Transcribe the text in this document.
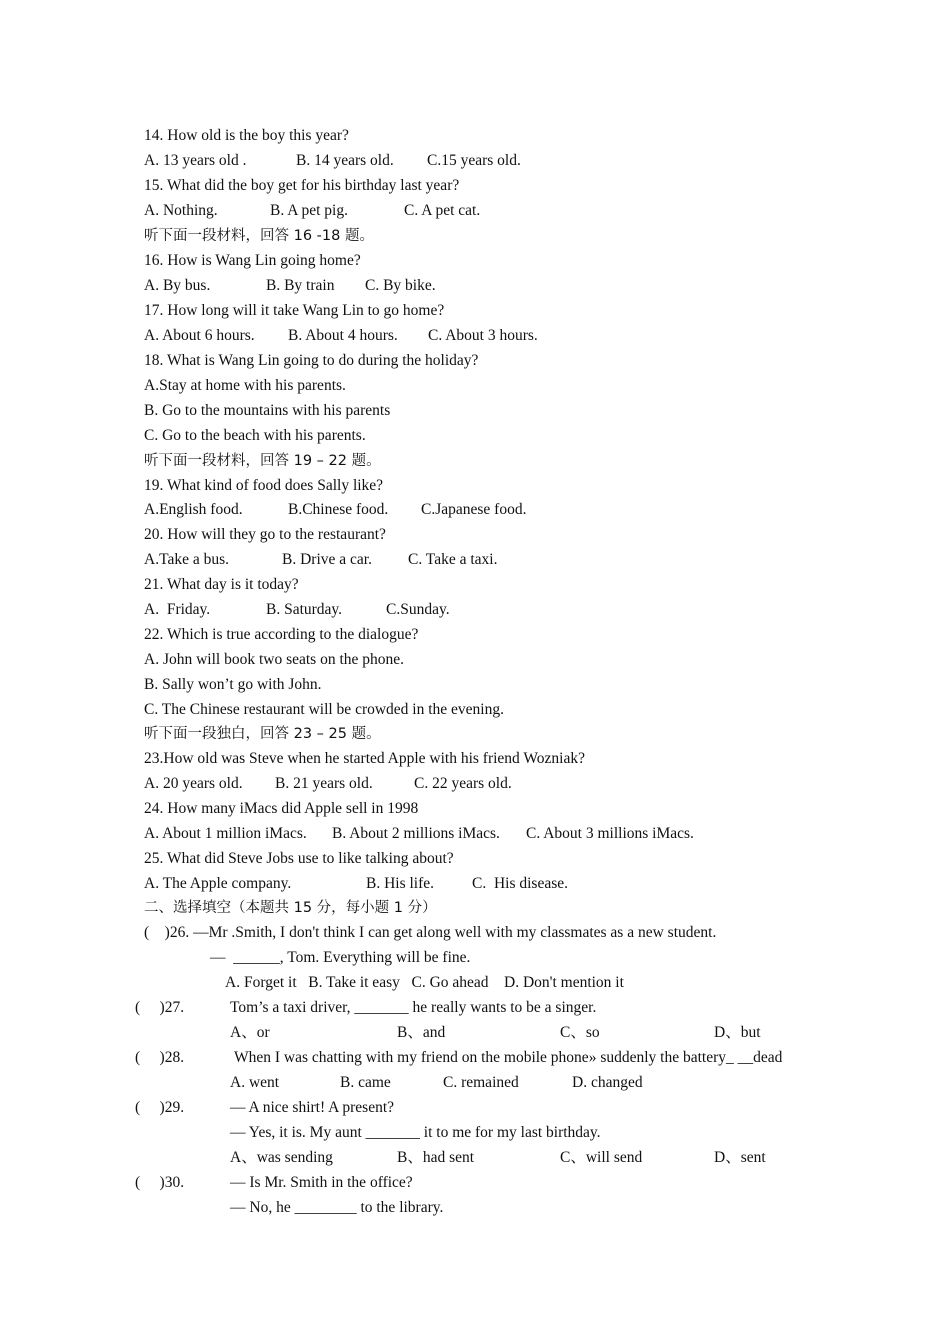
14. How old is the boy this year?
A. 13 years old .	B. 14 years old. C.15 years old.
15. What did the boy get for his birthday last year?
A. Nothing.	B. A pet pig.	C. A pet cat.
听下面一段材料，回答 16 -18 题。
16. How is Wang Lin going home?
A. By bus.	B. By train C. By bike.
17. How long will it take Wang Lin to go home?
A. About 6 hours. B. About 4 hours. C. About 3 hours.
18. What is Wang Lin going to do during the holiday?
A.Stay at home with his parents.
B. Go to the mountains with his parents
C. Go to the beach with his parents.
听下面一段材料，回答 19 – 22 题。
19. What kind of food does Sally like?
A.English food.	B.Chinese food. C.Japanese food.
20. How will they go to the restaurant?
A.Take a bus.	B. Drive a car. C. Take a taxi.
21. What day is it today?
A.  Friday.	B. Saturday.	C.Sunday.
22. Which is true according to the dialogue?
A. John will book two seats on the phone.
B. Sally won’t go with John.
C. The Chinese restaurant will be crowded in the evening.
听下面一段独白，回答 23 – 25 题。
23.How old was Steve when he started Apple with his friend Wozniak?
A. 20 years old. B. 21 years old.	C. 22 years old.
24. How many iMacs did Apple sell in 1998
A. About 1 million iMacs. B. About 2 millions iMacs. C. About 3 millions iMacs.
25. What did Steve Jobs use to like talking about?
A. The Apple company.	B. His life. C.  His disease.
二、选择填空（本题共 15 分，每小题 1 分）
(    )26. —Mr .Smith, I don't think I can get along well with my classmates as a new student.
—  ______, Tom. Everything will be fine.
A. Forget it   B. Take it easy   C. Go ahead    D. Don't mention it
(     )27.	Tom’s a taxi driver, _______ he really wants to be a singer.
A、or	B、and	C、so	D、but
(     )28.	When I was chatting with my friend on the mobile phone» suddenly the battery_ __dead
A. went	B. came	C. remained	D. changed
(     )29.	— A nice shirt! A present?
— Yes, it is. My aunt _______ it to me for my last birthday.
A、was sending	B、had sent	C、will send	D、sent
(     )30.	— Is Mr. Smith in the office?
— No, he ________ to the library.
